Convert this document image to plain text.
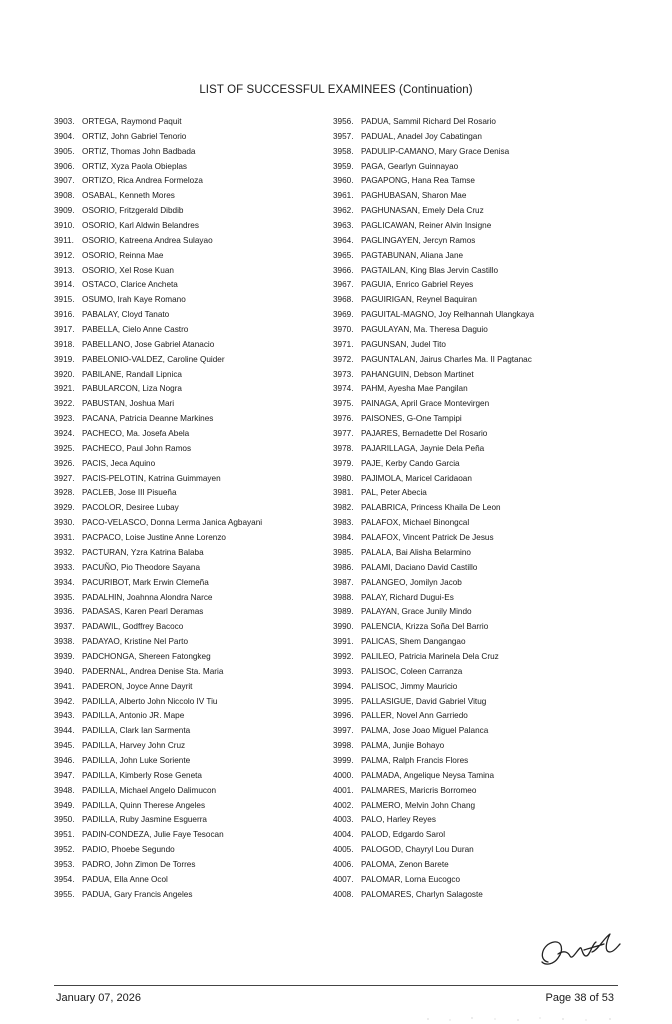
LIST OF SUCCESSFUL EXAMINEES (Continuation)
3903. ORTEGA, Raymond Paquit
3904. ORTIZ, John Gabriel Tenorio
3905. ORTIZ, Thomas John Badbada
3906. ORTIZ, Xyza Paola Obieplas
3907. ORTIZO, Rica Andrea Formeloza
3908. OSABAL, Kenneth Mores
3909. OSORIO, Fritzgerald Dibdib
3910. OSORIO, Karl Aldwin Belandres
3911. OSORIO, Katreena Andrea Sulayao
3912. OSORIO, Reinna Mae
3913. OSORIO, Xel Rose Kuan
3914. OSTACO, Clarice Ancheta
3915. OSUMO, Irah Kaye Romano
3916. PABALAY, Cloyd Tanato
3917. PABELLA, Cielo Anne Castro
3918. PABELLANO, Jose Gabriel Atanacio
3919. PABELONIO-VALDEZ, Caroline Quider
3920. PABILANE, Randall Lipnica
3921. PABULARCON, Liza Nogra
3922. PABUSTAN, Joshua Mari
3923. PACANA, Patricia Deanne Markines
3924. PACHECO, Ma. Josefa Abela
3925. PACHECO, Paul John Ramos
3926. PACIS, Jeca Aquino
3927. PACIS-PELOTIN, Katrina Guimmayen
3928. PACLEB, Jose III Pisueña
3929. PACOLOR, Desiree Lubay
3930. PACO-VELASCO, Donna Lerma Janica Agbayani
3931. PACPACO, Loise Justine Anne Lorenzo
3932. PACTURAN, Yzra Katrina Balaba
3933. PACUÑO, Pio Theodore Sayana
3934. PACURIBOT, Mark Erwin Clemeña
3935. PADALHIN, Joahnna Alondra Narce
3936. PADASAS, Karen Pearl Deramas
3937. PADAWIL, Godffrey Bacoco
3938. PADAYAO, Kristine Nel Parto
3939. PADCHONGA, Shereen Fatongkeg
3940. PADERNAL, Andrea Denise Sta. Maria
3941. PADERON, Joyce Anne Dayrit
3942. PADILLA, Alberto John Niccolo IV Tiu
3943. PADILLA, Antonio JR. Mape
3944. PADILLA, Clark Ian Sarmenta
3945. PADILLA, Harvey John Cruz
3946. PADILLA, John Luke Soriente
3947. PADILLA, Kimberly Rose Geneta
3948. PADILLA, Michael Angelo Dalimucon
3949. PADILLA, Quinn Therese Angeles
3950. PADILLA, Ruby Jasmine Esguerra
3951. PADIN-CONDEZA, Julie Faye Tesocan
3952. PADIO, Phoebe Segundo
3953. PADRO, John Zimon De Torres
3954. PADUA, Ella Anne Ocol
3955. PADUA, Gary Francis Angeles
3956. PADUA, Sammil Richard Del Rosario
3957. PADUAL, Anadel Joy Cabatingan
3958. PADULIP-CAMANO, Mary Grace Denisa
3959. PAGA, Gearlyn Guinnayao
3960. PAGAPONG, Hana Rea Tamse
3961. PAGHUBASAN, Sharon Mae
3962. PAGHUNASAN, Emely Dela Cruz
3963. PAGLICAWAN, Reiner Alvin Insigne
3964. PAGLINGAYEN, Jercyn Ramos
3965. PAGTABUNAN, Aliana Jane
3966. PAGTAILAN, King Blas Jervin Castillo
3967. PAGUIA, Enrico Gabriel Reyes
3968. PAGUIRIGAN, Reynel Baquiran
3969. PAGUITAL-MAGNO, Joy Relhannah Ulangkaya
3970. PAGULAYAN, Ma. Theresa Daguio
3971. PAGUNSAN, Judel Tito
3972. PAGUNTALAN, Jairus Charles Ma. II Pagtanac
3973. PAHANGUIN, Debson Martinet
3974. PAHM, Ayesha Mae Pangilan
3975. PAINAGA, April Grace Montevirgen
3976. PAISONES, G-One Tampipi
3977. PAJARES, Bernadette Del Rosario
3978. PAJARILLAGA, Jaynie Dela Peña
3979. PAJE, Kerby Cando Garcia
3980. PAJIMOLA, Maricel Caridaoan
3981. PAL, Peter Abecia
3982. PALABRICA, Princess Khaila De Leon
3983. PALAFOX, Michael Binongcal
3984. PALAFOX, Vincent Patrick De Jesus
3985. PALALA, Bai Alisha Belarmino
3986. PALAMI, Daciano David Castillo
3987. PALANGEO, Jomilyn Jacob
3988. PALAY, Richard Dugui-Es
3989. PALAYAN, Grace Junily Mindo
3990. PALENCIA, Krizza Soña Del Barrio
3991. PALICAS, Shem Dangangao
3992. PALILEO, Patricia Marinela Dela Cruz
3993. PALISOC, Coleen Carranza
3994. PALISOC, Jimmy Mauricio
3995. PALLASIGUE, David Gabriel Vitug
3996. PALLER, Novel Ann Garriedo
3997. PALMA, Jose Joao Miguel Palanca
3998. PALMA, Junjie Bohayo
3999. PALMA, Ralph Francis Flores
4000. PALMADA, Angelique Neysa Tamina
4001. PALMARES, Maricris Borromeo
4002. PALMERO, Melvin John Chang
4003. PALO, Harley Reyes
4004. PALOD, Edgardo Sarol
4005. PALOGOD, Chayryl Lou Duran
4006. PALOMA, Zenon Barete
4007. PALOMAR, Lorna Eucogco
4008. PALOMARES, Charlyn Salagoste
January 07, 2026	Page 38 of 53
